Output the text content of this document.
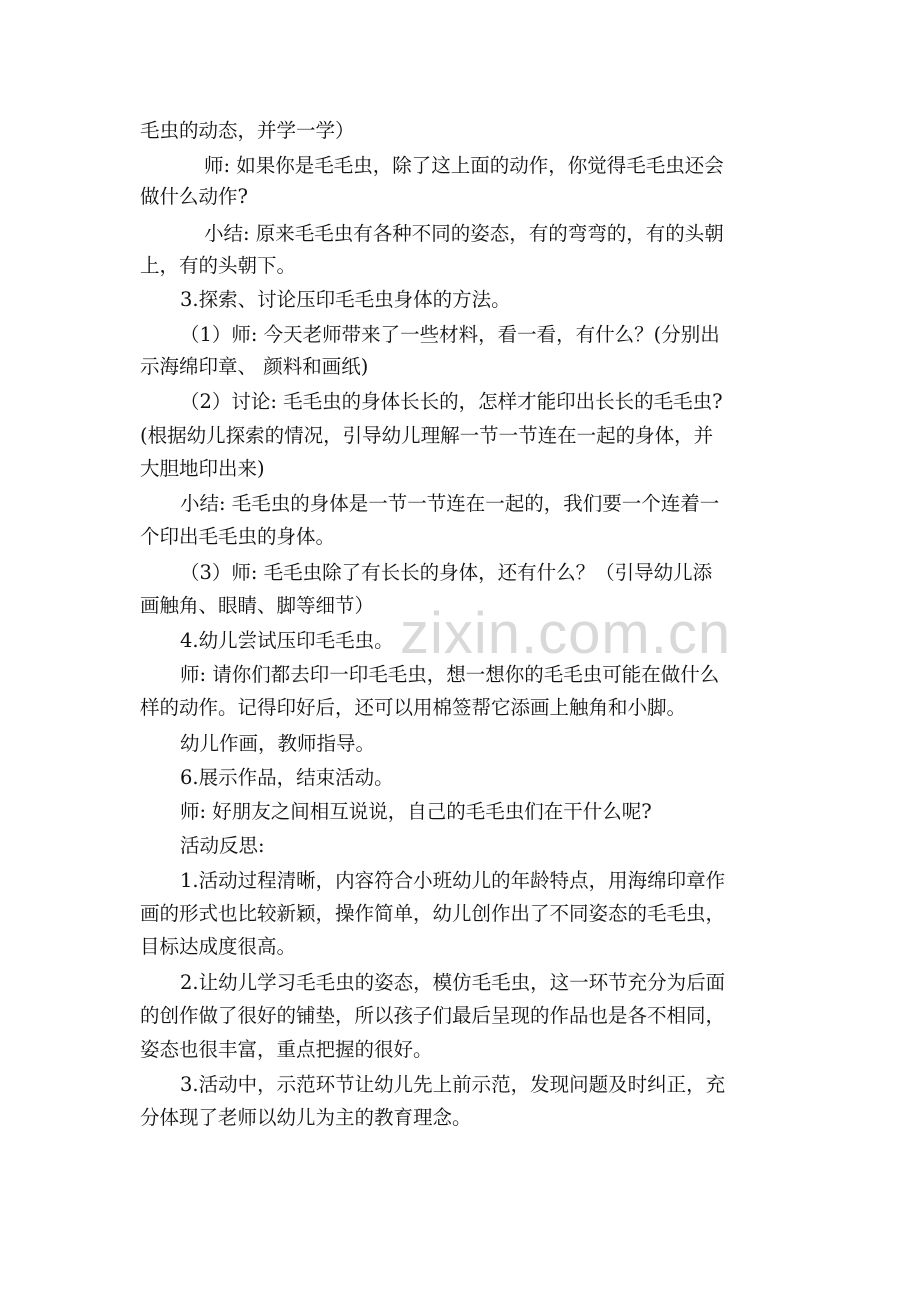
zixin.com.cn
毛虫的动态，并学一学）
师: 如果你是毛毛虫，除了这上面的动作，你觉得毛毛虫还会
做什么动作?
小结: 原来毛毛虫有各种不同的姿态，有的弯弯的，有的头朝
上，有的头朝下。
3.探索、讨论压印毛毛虫身体的方法。
（1）师: 今天老师带来了一些材料，看一看，有什么？(分别出
示海绵印章、 颜料和画纸)
（2）讨论: 毛毛虫的身体长长的，怎样才能印出长长的毛毛虫?
(根据幼儿探索的情况，引导幼儿理解一节一节连在一起的身体，并
大胆地印出来)
小结: 毛毛虫的身体是一节一节连在一起的，我们要一个连着一
个印出毛毛虫的身体。
（3）师: 毛毛虫除了有长长的身体，还有什么？（引导幼儿添
画触角、眼睛、脚等细节）
4.幼儿尝试压印毛毛虫。
师: 请你们都去印一印毛毛虫，想一想你的毛毛虫可能在做什么
样的动作。记得印好后，还可以用棉签帮它添画上触角和小脚。
幼儿作画，教师指导。
6.展示作品，结束活动。
师: 好朋友之间相互说说，自己的毛毛虫们在干什么呢?
活动反思:
1.活动过程清晰，内容符合小班幼儿的年龄特点，用海绵印章作
画的形式也比较新颖，操作简单，幼儿创作出了不同姿态的毛毛虫，
目标达成度很高。
2.让幼儿学习毛毛虫的姿态，模仿毛毛虫，这一环节充分为后面
的创作做了很好的铺垫，所以孩子们最后呈现的作品也是各不相同，
姿态也很丰富，重点把握的很好。
3.活动中，示范环节让幼儿先上前示范，发现问题及时纠正，充
分体现了老师以幼儿为主的教育理念。
